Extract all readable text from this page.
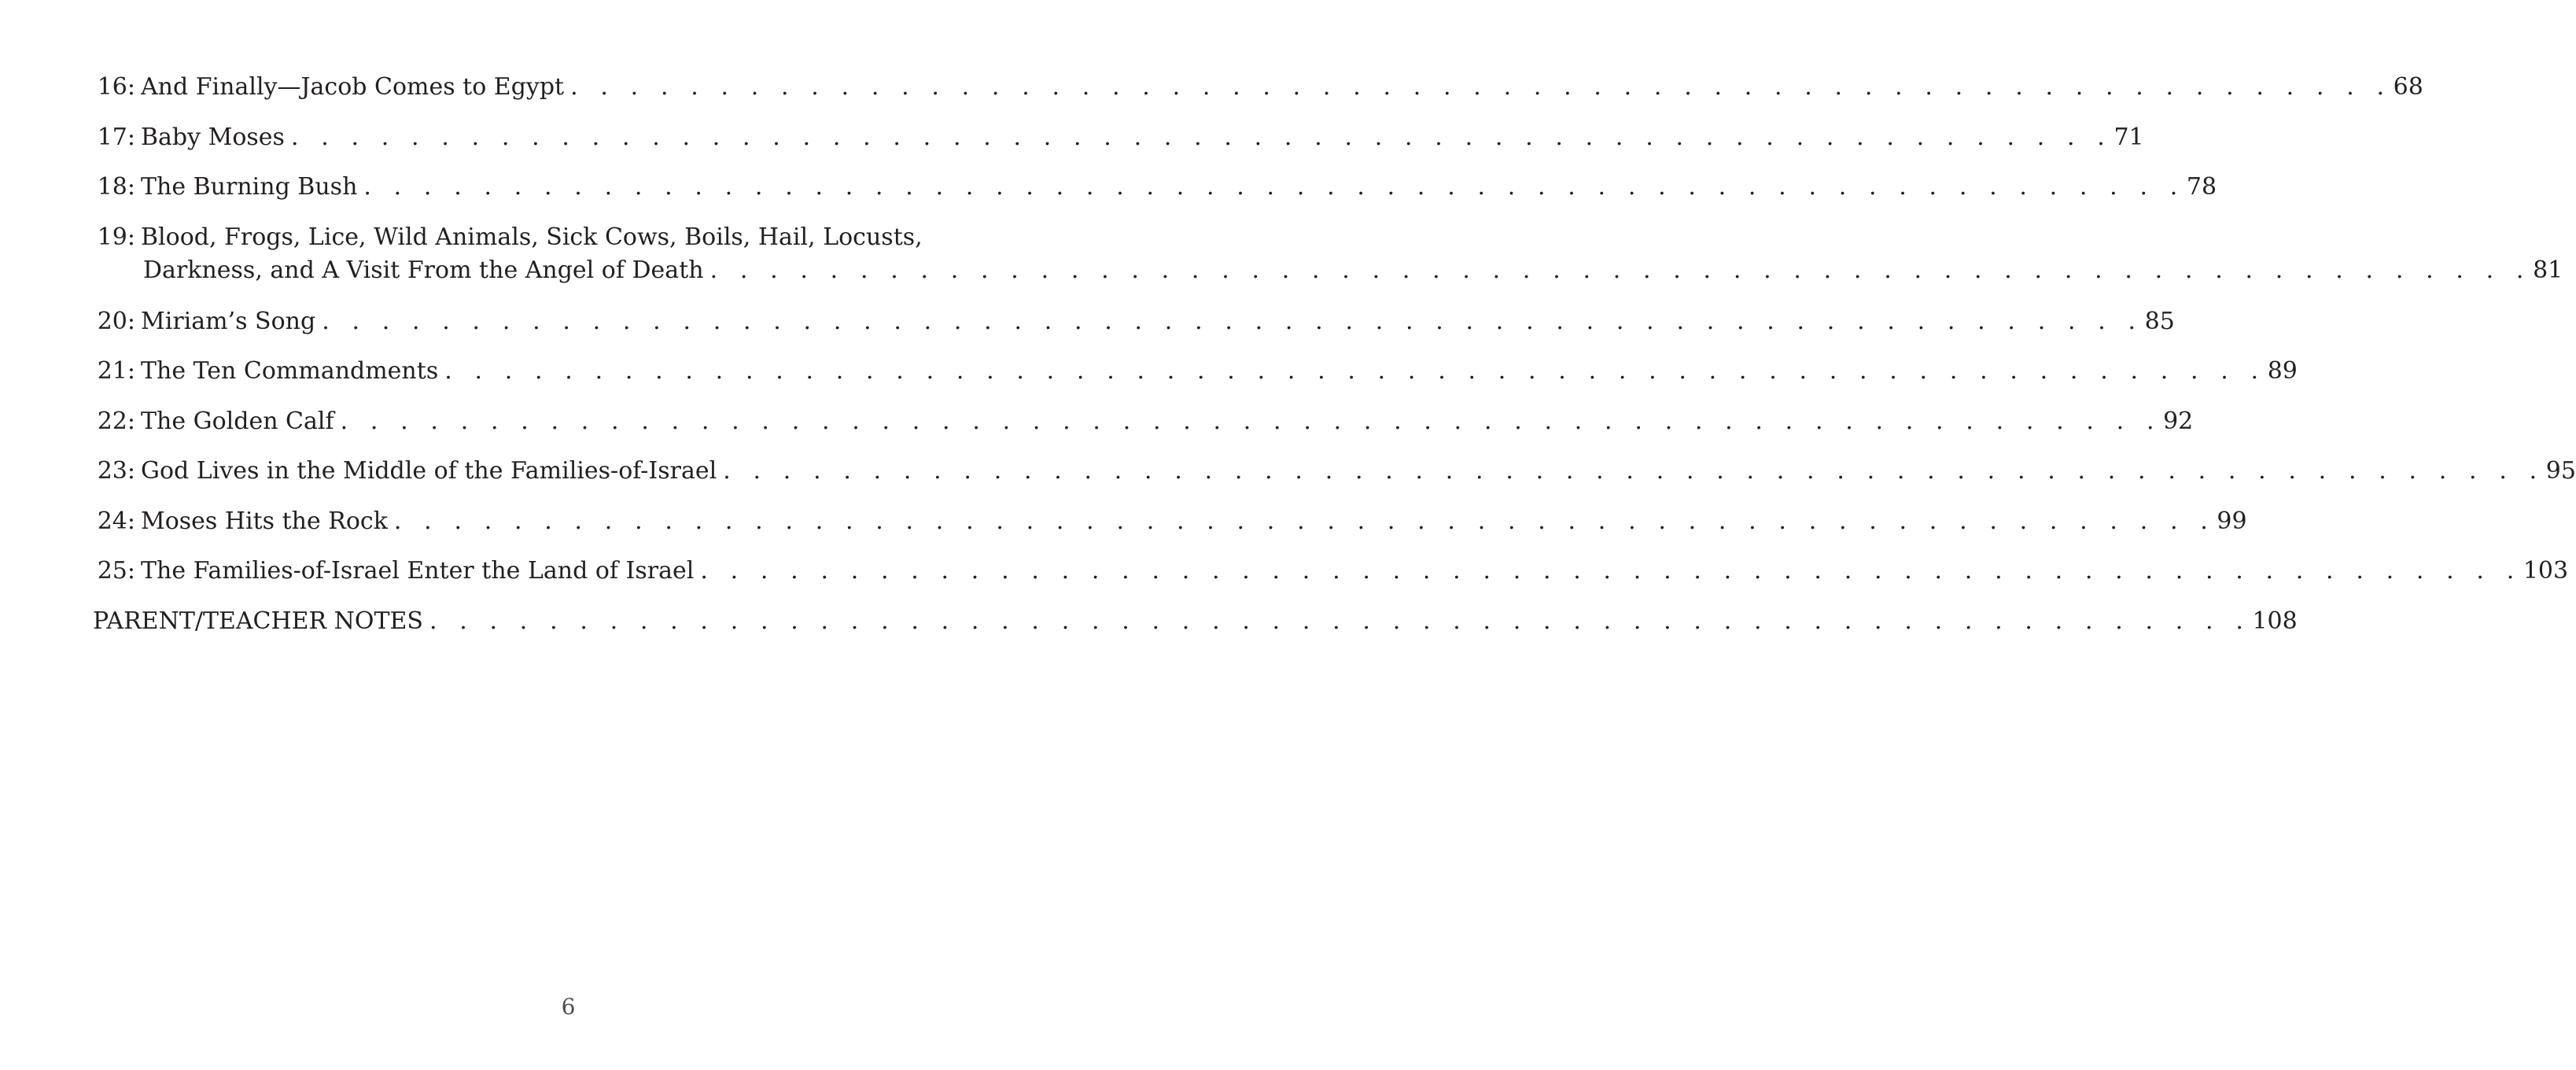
16: And Finally—Jacob Comes to Egypt . . . . . . . . . . . . . . . . . . . . . . . . . . . . . . . . . . . . . . . . . . . . . . . . . . . . . . . . . . . . . 68
17: Baby Moses . . . . . . . . . . . . . . . . . . . . . . . . . . . . . . . . . . . . . . . . . . . . . . . . . . . . . . . . . . . . . 71
18: The Burning Bush . . . . . . . . . . . . . . . . . . . . . . . . . . . . . . . . . . . . . . . . . . . . . . . . . . . . . . . . . . . . . 78
19: Blood, Frogs, Lice, Wild Animals, Sick Cows, Boils, Hail, Locusts,
Darkness, and A Visit From the Angel of Death . . . . . . . . . . . . . . . . . . . . . . . . . . . . . . . . . . . . . . . . . . . . . . . . . . . . . . . . . . . . . 81
20: Miriam’s Song . . . . . . . . . . . . . . . . . . . . . . . . . . . . . . . . . . . . . . . . . . . . . . . . . . . . . . . . . . . . . 85
21: The Ten Commandments . . . . . . . . . . . . . . . . . . . . . . . . . . . . . . . . . . . . . . . . . . . . . . . . . . . . . . . . . . . . . 89
22: The Golden Calf . . . . . . . . . . . . . . . . . . . . . . . . . . . . . . . . . . . . . . . . . . . . . . . . . . . . . . . . . . . . . 92
23: God Lives in the Middle of the Families-of-Israel . . . . . . . . . . . . . . . . . . . . . . . . . . . . . . . . . . . . . . . . . . . . . . . . . . . . . . . . . . . . . 95
24: Moses Hits the Rock . . . . . . . . . . . . . . . . . . . . . . . . . . . . . . . . . . . . . . . . . . . . . . . . . . . . . . . . . . . . . 99
25: The Families-of-Israel Enter the Land of Israel . . . . . . . . . . . . . . . . . . . . . . . . . . . . . . . . . . . . . . . . . . . . . . . . . . . . . . . . . . . . . 103
PARENT/TEACHER NOTES . . . . . . . . . . . . . . . . . . . . . . . . . . . . . . . . . . . . . . . . . . . . . . . . . . . . . . . . . . . . . 108
6
